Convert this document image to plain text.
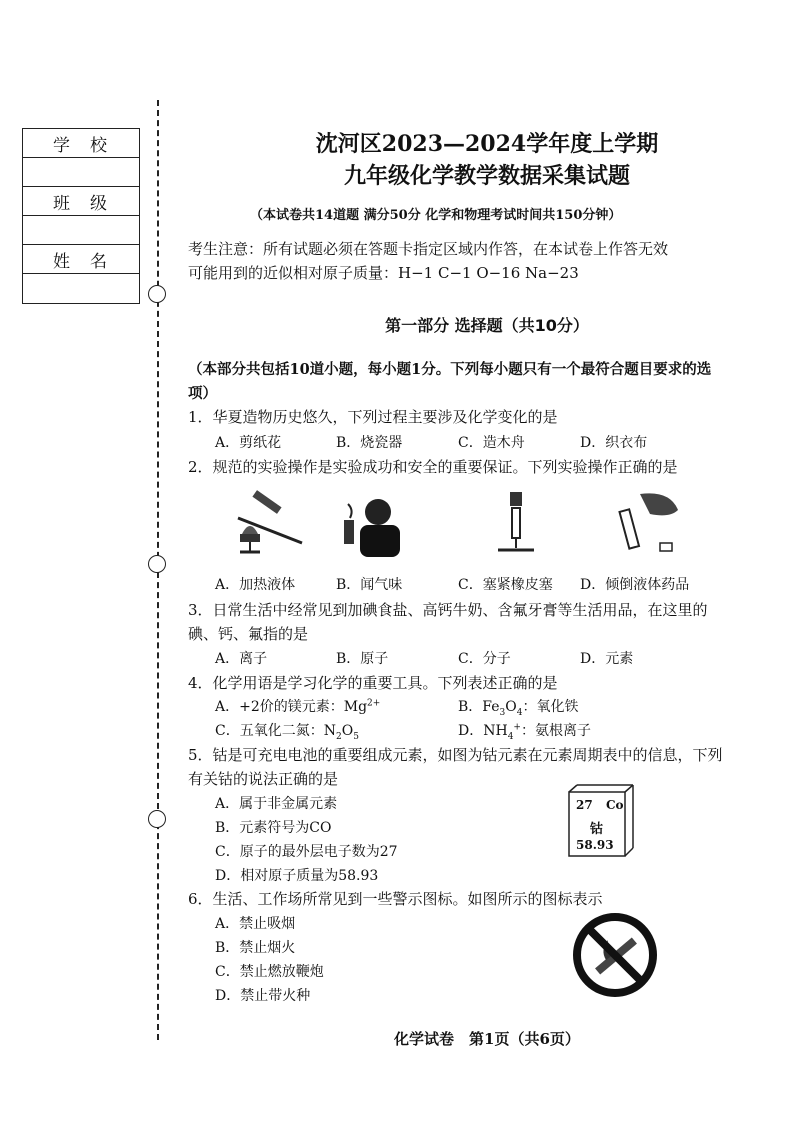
学校
班级
姓名
沈河区2023—2024学年度上学期
九年级化学教学数据采集试题
（本试卷共14道题 满分50分 化学和物理考试时间共150分钟）
考生注意：所有试题必须在答题卡指定区域内作答，在本试卷上作答无效
可能用到的近似相对原子质量：H−1 C−1 O−16 Na−23
第一部分 选择题（共10分）
（本部分共包括10道小题，每小题1分。下列每小题只有一个最符合题目要求的选
项）
1．华夏造物历史悠久，下列过程主要涉及化学变化的是
A．剪纸花	B．烧瓷器	C．造木舟	D．织衣布
2．规范的实验操作是实验成功和安全的重要保证。下列实验操作正确的是
A．加热液体	B．闻气味	C．塞紧橡皮塞 D．倾倒液体药品
3．日常生活中经常见到加碘食盐、高钙牛奶、含氟牙膏等生活用品，在这里的
碘、钙、氟指的是
A．离子	B．原子	C．分子	D．元素
4．化学用语是学习化学的重要工具。下列表述正确的是
A．+2价的镁元素：$Mg^{2+}$	B．$Fe_3O_4$：氧化铁
C．五氧化二氮：$N_2O_5$	D．$NH_4^+$：氨根离子
5．钴是可充电电池的重要组成元素，如图为钴元素在元素周期表中的信息，下列
有关钴的说法正确的是
A．属于非金属元素
B．元素符号为CO
C．原子的最外层电子数为27
D．相对原子质量为58.93
27 Co
钴
58.93
6．生活、工作场所常见到一些警示图标。如图所示的图标表示
A．禁止吸烟
B．禁止烟火
C．禁止燃放鞭炮
D．禁止带火种
化学试卷　第1页（共6页）
